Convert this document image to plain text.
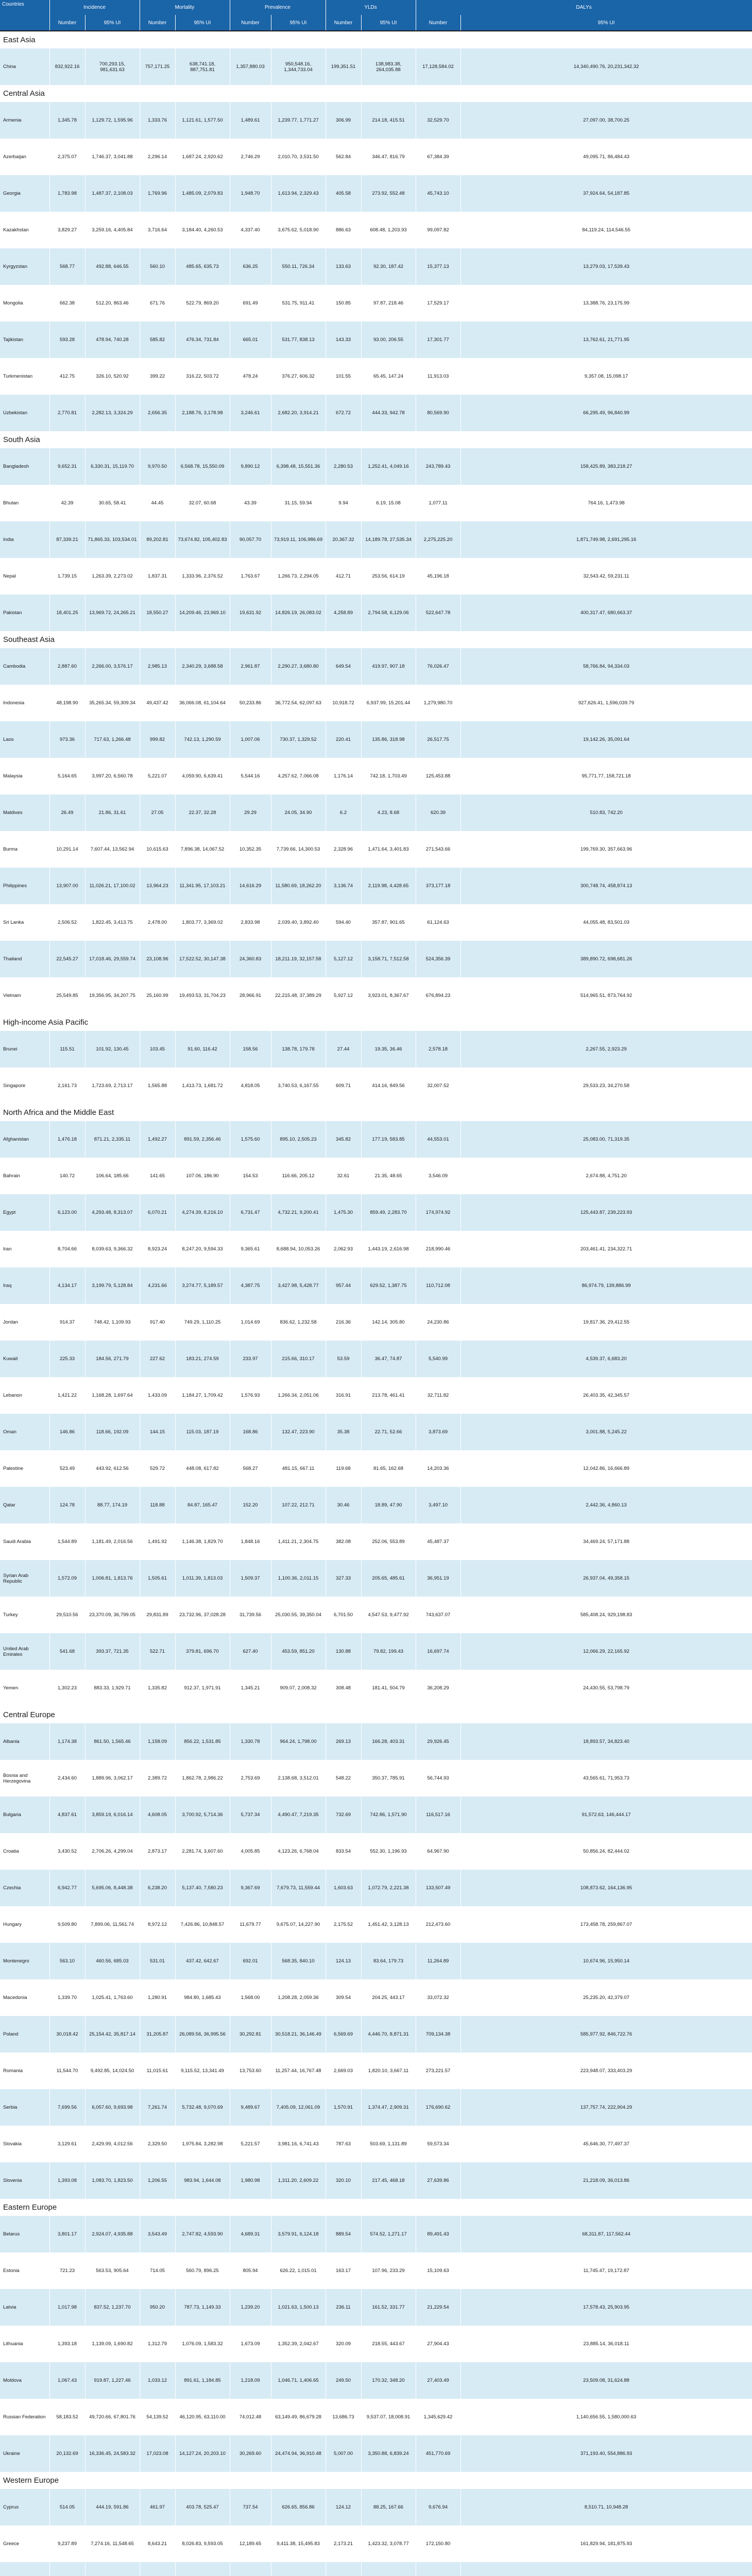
Countries	Incidence		Mortality		Prevalence		YLDs		DALYs	
	Number	95% UI	Number	95% UI	Number	95% UI	Number	95% UI	Number	95% UI
East Asia										
China	832,922.16	700,293.15, 981,631.63	757,171.25	638,741.18, 887,751.81	1,357,880.03	950,548.16, 1,344,733.04	199,351.51	138,983.38, 264,035.88	17,128,584.02	14,340,490.76, 20,231,342.32
Central Asia										
Armenia	1,345.78	1,129.72, 1,595.96	1,333.76	1,121.61, 1,577.50	1,489.61	1,239.77, 1,771.27	306.99	214.18, 415.51	32,529.70	27,097.00, 38,700.25
Azerbaijan	2,375.07	1,746.37, 3,041.88	2,296.14	1,687.24, 2,920.62	2,746.29	2,010.70, 3,531.50	562.84	346.47, 816.79	67,384.39	49,095.71, 86,484.43
Georgia	1,783.98	1,487.37, 2,108.03	1,769.96	1,485.09, 2,079.83	1,948.70	1,613.94, 2,329.43	405.58	273.92, 552.48	45,743.10	37,924.64, 54,187.85
Kazakhstan	3,829.27	3,259.16, 4,405.84	3,716.64	3,184.40, 4,260.53	4,337.40	3,675.62, 5,018.90	886.63	608.48, 1,203.93	99,097.82	84,119.24, 114,546.55
Kyrgyzstan	568.77	492.88, 646.55	560.10	485.65, 635.73	636.25	550.11, 726.34	133.63	92.30, 187.42	15,377.13	13,279.03, 17,539.43
Mongolia	662.38	512.20, 863.46	671.76	522.79, 869.20	691.49	531.75, 911.41	150.85	97.87, 218.46	17,529.17	13,388.76, 23,175.99
Tajikistan	593.28	478.94, 740.28	585.82	476.34, 731.84	665.01	531.77, 838.13	143.33	93.00, 206.55	17,301.77	13,762.61, 21,771.95
Turkmenistan	412.75	326.10, 520.92	399.22	316.22, 503.72	478.24	376.27, 606.32	101.55	65.45, 147.24	11,913.03	9,357.08, 15,098.17
Uzbekistan	2,770.81	2,282.13, 3,324.29	2,656.35	2,188.76, 3,178.98	3,246.61	2,682.20, 3,914.21	672.72	444.33, 942.78	80,569.90	66,295.49, 96,840.99
South Asia										
Bangladesh	9,652.31	6,330.31, 15,119.70	9,970.50	6,568.78, 15,550.09	9,890.12	6,398.48, 15,551.36	2,280.53	1,252.41, 4,049.16	243,789.43	158,425.89, 383,218.27
Bhutan	42.39	30.65, 58.41	44.45	32.07, 60.68	43.39	31.15, 59.94	9.94	6.19, 15.08	1,077.11	764.16, 1,473.98
India	87,339.21	71,865.33, 103,534.01	89,202.81	73,674.82, 105,402.83	90,057.70	73,919.11, 106,986.69	20,367.32	14,189.78, 27,535.34	2,275,225.20	1,871,749.98, 2,691,295.16
Nepal	1,739.15	1,263.39, 2,273.02	1,837.31	1,333.96, 2,376.52	1,763.67	1,266.73, 2,294.05	412.71	253.56, 614.19	45,196.18	32,543.42, 59,231.11
Pakistan	18,401.25	13,969.72, 24,265.21	18,550.27	14,209.46, 23,969.10	19,631.92	14,826.19, 26,083.02	4,258.89	2,794.58, 6,129.06	522,647.78	400,317.47, 680,663.37
Southeast Asia										
Cambodia	2,887.60	2,266.00, 3,576.17	2,985.13	2,340.29, 3,688.58	2,961.87	2,290.27, 3,680.80	649.54	419.97, 907.18	76,026.47	58,766.84, 94,334.03
Indonesia	48,198.90	35,265.34, 59,309.34	49,437.42	36,066.08, 61,104.64	50,233.86	36,772.54, 62,097.63	10,918.72	6,937.99, 15,201.44	1,279,980.70	927,626.41, 1,596,039.79
Laos	973.36	717.63, 1,266.48	999.82	742.13, 1,290.59	1,007.06	730.37, 1,329.52	220.41	135.86, 318.98	26,517.75	19,142.26, 35,091.64
Malaysia	5,164.65	3,997.20, 6,560.78	5,221.07	4,059.90, 6,639.41	5,544.16	4,257.62, 7,066.08	1,176.14	742.18, 1,703.49	125,453.88	95,771.77, 158,721.18
Maldives	26.49	21.86, 31.61	27.05	22.37, 32.28	29.29	24.05, 34.90	6.2	4.23, 8.68	620.39	510.83, 742.20
Burma	10,291.14	7,607.44, 13,562.94	10,615.63	7,896.38, 14,067.52	10,352.35	7,739.66, 14,300.53	2,328.96	1,471.64, 3,401.83	271,543.66	199,769.30, 357,663.96
Philippines	13,907.00	11,026.21, 17,100.02	13,964.23	11,341.95, 17,103.21	14,616.29	11,580.69, 18,262.20	3,136.74	2,119.98, 4,428.65	373,177.18	300,748.74, 458,874.13
Sri Lanka	2,506.52	1,822.45, 3,413.75	2,478.00	1,803.77, 3,369.02	2,833.98	2,039.40, 3,892.40	594.40	357.87, 901.65	61,124.63	44,055.48, 83,501.03
Thailand	22,545.27	17,018.46, 29,559.74	23,108.96	17,522.52, 30,147.38	24,360.83	18,211.19, 32,157.58	5,127.12	3,158.71, 7,512.58	524,356.39	389,890.72, 698,681.26
Vietnam	25,549.85	19,356.95, 34,207.75	25,160.99	19,493.53, 31,704.23	28,966.91	22,215.48, 37,389.29	5,927.12	3,923.01, 8,367.67	676,894.23	514,965.51, 873,764.92
High-income Asia Pacific										
Brunei	115.51	101.92, 130.45	103.45	91.60, 116.42	158.56	138.78, 179.78	27.44	19.35, 36.46	2,578.18	2,267.55, 2,923.29
Singapore	2,161.73	1,723.69, 2,713.17	1,565.88	1,413.73, 1,681.72	4,818.05	3,740.53, 6,167.55	609.71	414.16, 849.56	32,007.52	29,533.23, 34,270.58
North Africa and the Middle East										
Afghanistan	1,476.18	871.21, 2,335.11	1,492.27	891.59, 2,356.46	1,575.60	895.10, 2,505.23	345.82	177.19, 583.85	44,553.01	25,083.00, 71,319.35
Bahrain	140.72	106.64, 185.66	141.65	107.06, 186.90	154.53	116.66, 205.12	32.61	21.35, 48.65	3,546.09	2,674.88, 4,751.20
Egypt	6,123.00	4,293.48, 8,313.07	6,070.21	4,274.39, 8,216.10	6,731.47	4,732.21, 9,200.41	1,475.30	859.49, 2,283.70	174,974.92	125,443.87, 239,223.93
Iran	8,704.66	8,039.63, 9,366.32	8,923.24	8,247.20, 9,594.33	9,365.61	8,688.94, 10,053.26	2,062.93	1,443.19, 2,616.98	218,990.46	203,461.41, 234,322.71
Iraq	4,134.17	3,199.79, 5,128.84	4,231.66	3,274.77, 5,189.57	4,387.75	3,427.98, 5,428.77	957.44	629.52, 1,387.75	110,712.08	86,974.79, 139,886.99
Jordan	914.37	748.42, 1,109.93	917.40	749.29, 1,110.25	1,014.69	836.62, 1,232.58	216.36	142.14, 305.80	24,230.86	19,817.36, 29,412.55
Kuwait	225.33	184.56, 271.79	227.62	183.21, 274.59	233.97	215.66, 310.17	53.59	36.47, 74.87	5,540.99	4,539.37, 6,683.20
Lebanon	1,421.22	1,168.28, 1,697.64	1,433.09	1,184.27, 1,709.42	1,576.93	1,266.34, 2,051.06	316.91	213.78, 461.41	32,711.82	26,403.35, 42,345.57
Oman	146.86	118.66, 192.09	144.15	115.03, 187.19	168.86	132.47, 223.90	35.38	22.71, 52.66	3,873.69	3,001.88, 5,245.22
Palestine	523.49	443.92, 612.56	529.72	448.08, 617.82	568.27	481.15, 667.11	119.68	81.65, 162.68	14,203.36	12,042.86, 16,666.89
Qatar	124.78	88.77, 174.19	118.88	84.87, 165.47	152.20	107.22, 212.71	30.46	18.89, 47.90	3,497.10	2,442.36, 4,860.13
Saudi Arabia	1,544.89	1,181.49, 2,016.56	1,491.92	1,146.38, 1,829.70	1,848.16	1,411.21, 2,304.75	382.08	252.06, 553.89	45,487.37	34,469.24, 57,171.88
Syrian Arab Republic	1,572.09	1,006.81, 1,813.76	1,505.61	1,011.39, 1,813.03	1,509.37	1,100.36, 2,011.15	327.33	205.65, 485.61	36,951.19	26,937.04, 49,358.15
Turkey	29,510.56	23,370.09, 36,799.05	29,831.89	23,732.96, 37,028.28	31,739.56	25,030.55, 39,350.04	6,701.50	4,547.53, 9,477.92	743,637.07	585,408.24, 929,198.83
United Arab Emirates	541.68	393.37, 721.35	522.71	379.81, 696.70	627.40	453.59, 851.20	130.88	79.82, 199.43	16,697.74	12,066.29, 22,165.92
Yemen	1,302.23	883.33, 1,929.71	1,335.82	912.37, 1,971.91	1,345.21	909.07, 2,008.32	308.48	181.41, 504.79	36,208.29	24,430.55, 53,798.79
Central Europe										
Albania	1,174.38	861.50, 1,565.46	1,158.09	856.22, 1,531.85	1,330.78	964.24, 1,798.00	269.13	166.28, 403.31	29,926.45	18,893.57, 34,823.40
Bosnia and Herzegovina	2,434.60	1,889.96, 3,062.17	2,389.72	1,862.78, 2,986.22	2,753.69	2,138.68, 3,512.01	548.22	350.37, 785.91	56,744.93	43,565.61, 71,953.73
Bulgaria	4,837.61	3,859.19, 6,016.14	4,608.05	3,700.92, 5,714.36	5,737.34	4,490.47, 7,219.35	732.69	742.86, 1,571.90	116,517.16	91,572.63, 146,444.17
Croatia	3,430.52	2,706.26, 4,299.04	2,873.17	2,281.74, 3,607.60	4,005.85	4,123.26, 6,768.04	833.54	552.30, 1,196.93	64,967.90	50,856.24, 82,444.02
Czechia	6,942.77	5,695.06, 8,448.38	6,238.20	5,137.40, 7,580.23	9,367.69	7,679.73, 11,559.44	1,603.63	1,072.79, 2,221.38	133,507.49	108,873.62, 164,136.95
Hungary	9,509.80	7,899.06, 11,561.74	8,972.12	7,426.86, 10,848.57	11,679.77	9,675.07, 14,227.90	2,175.52	1,451.42, 3,128.13	212,473.60	173,458.78, 259,867.07
Montenegro	563.10	460.56, 685.03	531.01	437.42, 642.67	692.01	568.35, 840.10	124.13	83.64, 179.73	11,264.89	10,674.96, 15,950.14
Macedonia	1,339.70	1,025.41, 1,763.60	1,280.91	984.80, 1,685.43	1,568.00	1,208.28, 2,059.36	309.54	204.25, 443.17	33,072.32	25,235.20, 42,379.07
Poland	30,018.42	25,154.42, 35,817.14	31,205.87	26,089.56, 36,995.56	30,292.81	30,518.21, 36,146.49	6,569.69	4,446.70, 8,871.31	709,134.38	585,977.92, 846,722.76
Romania	11,544.70	9,492.85, 14,024.50	11,015.61	9,115.52, 13,341.49	13,753.60	11,257.44, 16,767.48	2,669.03	1,820.10, 3,667.11	273,221.57	223,948.07, 333,403.29
Serbia	7,699.56	6,057.60, 9,693.98	7,261.74	5,732.48, 9,070.69	9,489.67	7,405.09, 12,061.09	1,570.91	1,374.47, 2,909.31	176,690.62	137,757.74, 222,904.29
Slovakia	3,129.61	2,429.99, 4,012.56	2,329.50	1,975.84, 3,282.98	5,221.57	3,981.16, 6,741.43	787.63	503.69, 1,131.89	59,573.34	45,646.30, 77,497.37
Slovenia	1,393.08	1,083.70, 1,823.50	1,206.55	983.94, 1,644.08	1,980.98	1,311.20, 2,609.22	320.10	217.45, 468.18	27,639.86	21,218.09, 36,013.86
Eastern Europe										
Belarus	3,801.17	2,924.07, 4,935.88	3,543.49	2,747.82, 4,593.90	4,689.31	3,579.91, 6,124.18	889.54	574.52, 1,271.17	89,491.43	68,311.87, 117,562.44
Estonia	721.23	563.53, 905.64	714.05	560.79, 896.25	805.94	626.22, 1,015.01	163.17	107.96, 233.29	15,109.63	11,745.47, 19,172.87
Latvia	1,017.98	837.52, 1,237.70	950.20	787.73, 1,149.33	1,239.20	1,021.63, 1,500.13	236.11	161.52, 331.77	21,229.54	17,578.43, 25,903.95
Lithuania	1,393.18	1,139.09, 1,690.82	1,312.79	1,076.09, 1,583.32	1,673.09	1,352.39, 2,042.67	320.09	218.55, 443.67	27,904.43	23,885.14, 36,018.11
Moldova	1,067.43	919.87, 1,227.46	1,033.12	891.61, 1,184.85	1,218.09	1,046.71, 1,406.65	249.50	170.32, 348.20	27,403.49	23,509.08, 31,624.88
Russian Federation	58,183.52	49,720.66, 67,801.76	54,139.52	46,120.95, 63,110.00	74,012.48	63,149.49, 86,679.28	13,686.73	9,537.07, 18,008.91	1,345,629.42	1,140,656.55, 1,580,000.63
Ukraine	20,132.69	16,336.45, 24,583.32	17,023.08	14,127.24, 20,203.10	30,269.60	24,474.94, 36,910.48	5,007.00	3,350.88, 6,839.24	451,770.69	371,193.40, 554,886.93
Western Europe										
Cyprus	514.05	444.19, 591.86	461.97	403.78, 525.47	737.54	626.65, 856.86	124.12	88.25, 167.66	9,676.94	8,510.71, 10,948.28
Greece	9,237.89	7,274.16, 11,548.65	8,643.21	8,026.83, 9,593.05	12,189.65	9,411.38, 15,495.83	2,173.21	1,423.32, 3,078.77	172,150.80	161,829.94, 181,875.93
